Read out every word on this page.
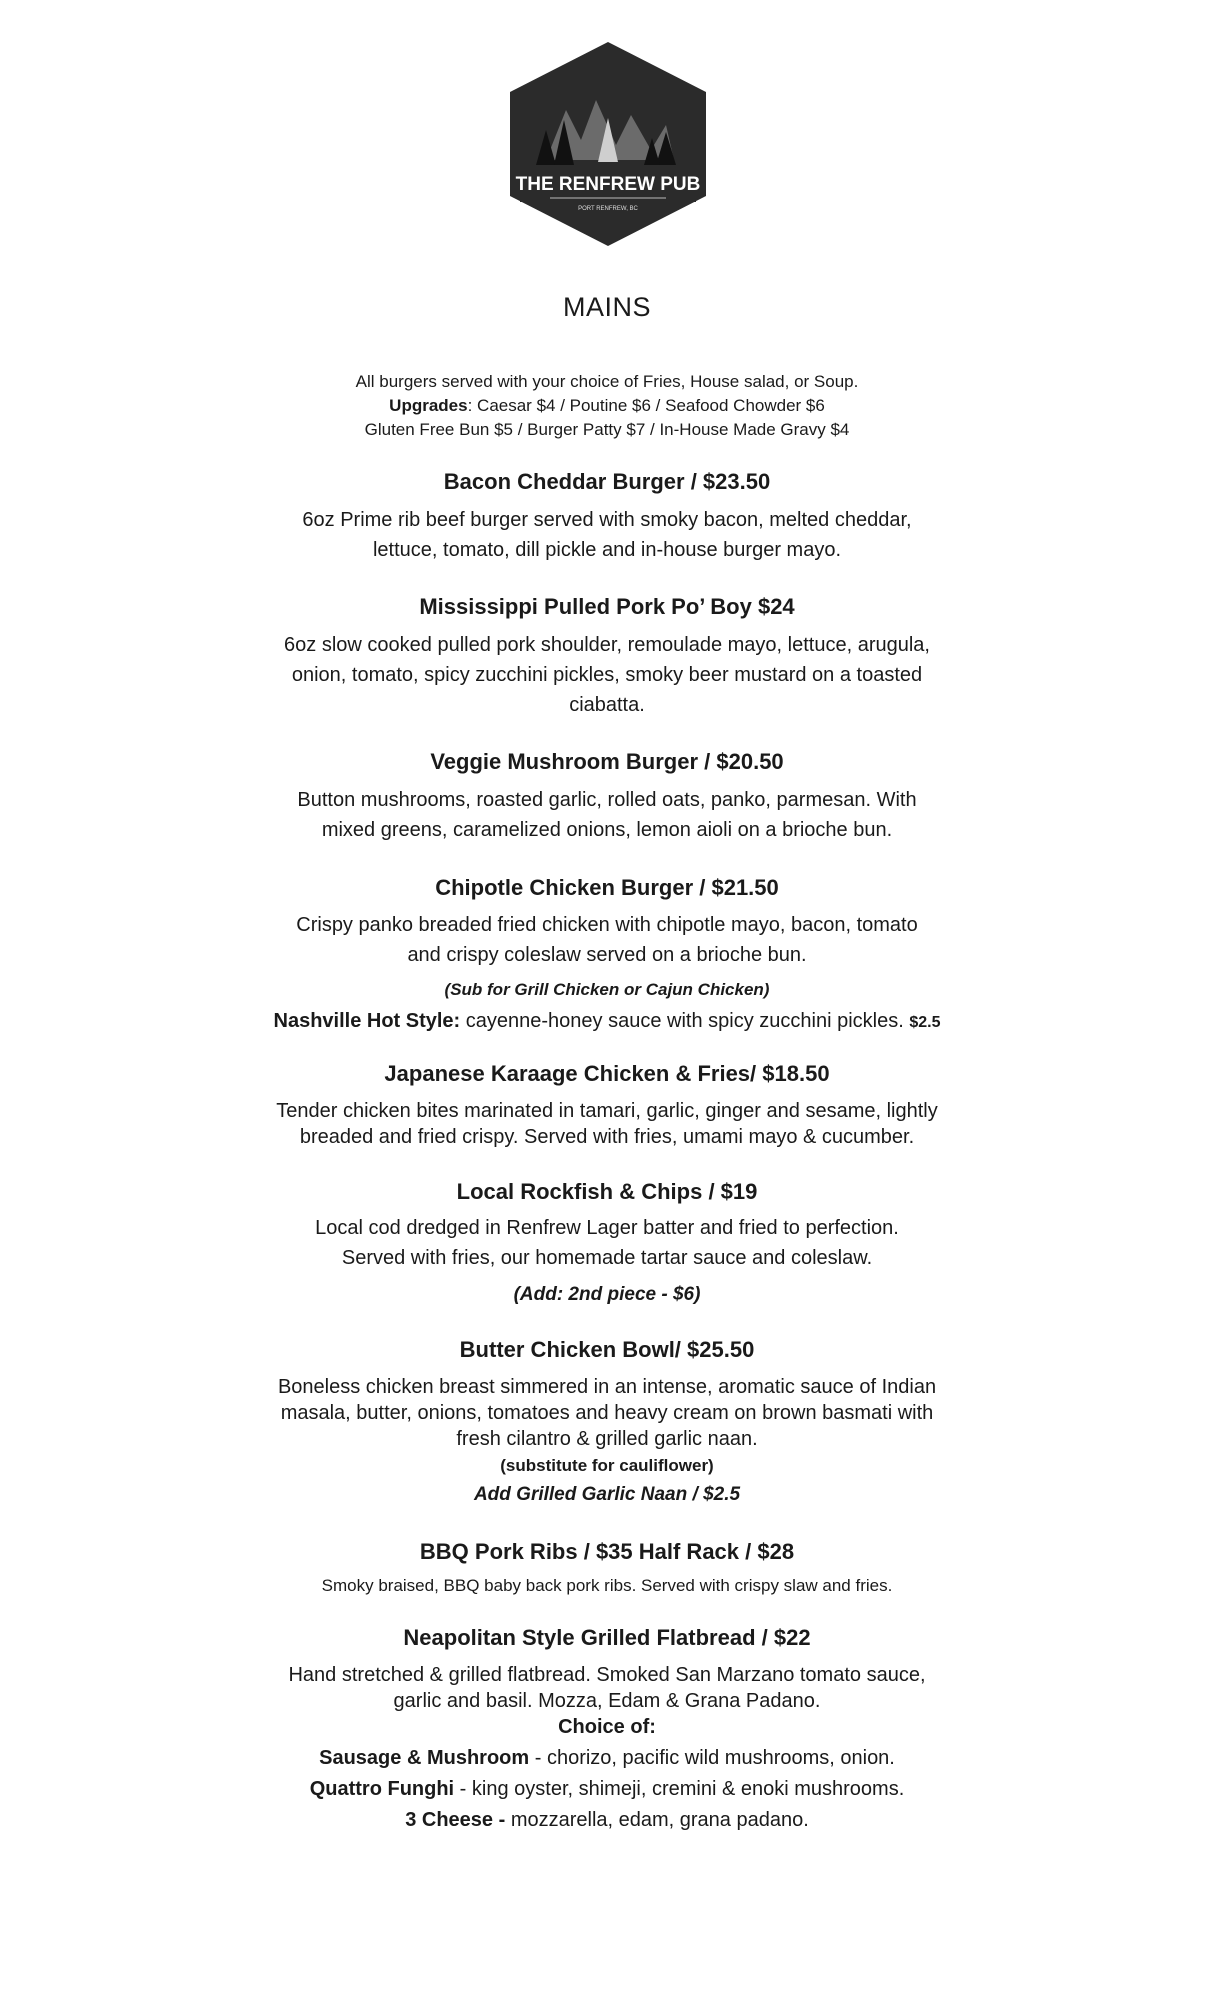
THE RENFREW PUB
PORT RENFREW, BC
MAINS
All burgers served with your choice of Fries, House salad, or Soup.
Upgrades: Caesar $4 / Poutine $6 / Seafood Chowder $6
Gluten Free Bun $5 / Burger Patty $7 / In-House Made Gravy $4
Bacon Cheddar Burger / $23.50
6oz Prime rib beef burger served with smoky bacon, melted cheddar,
lettuce, tomato, dill pickle and in-house burger mayo.
Mississippi Pulled Pork Po’ Boy $24
6oz slow cooked pulled pork shoulder, remoulade mayo, lettuce, arugula,
onion, tomato, spicy zucchini pickles, smoky beer mustard on a toasted
ciabatta.
Veggie Mushroom Burger / $20.50
Button mushrooms, roasted garlic, rolled oats, panko, parmesan. With
mixed greens, caramelized onions, lemon aioli on a brioche bun.
Chipotle Chicken Burger / $21.50
Crispy panko breaded fried chicken with chipotle mayo, bacon, tomato
and crispy coleslaw served on a brioche bun.
(Sub for Grill Chicken or Cajun Chicken)
Nashville Hot Style: cayenne-honey sauce with spicy zucchini pickles. $2.5
Japanese Karaage Chicken & Fries/ $18.50
Tender chicken bites marinated in tamari, garlic, ginger and sesame, lightly
breaded and fried crispy. Served with fries, umami mayo & cucumber.
Local Rockfish & Chips / $19
Local cod dredged in Renfrew Lager batter and fried to perfection.
Served with fries, our homemade tartar sauce and coleslaw.
(Add: 2nd piece - $6)
Butter Chicken Bowl/ $25.50
Boneless chicken breast simmered in an intense, aromatic sauce of Indian
masala, butter, onions, tomatoes and heavy cream on brown basmati with
fresh cilantro & grilled garlic naan.
(substitute for cauliflower)
Add Grilled Garlic Naan / $2.5
BBQ Pork Ribs / $35 Half Rack / $28
Smoky braised, BBQ baby back pork ribs. Served with crispy slaw and fries.
Neapolitan Style Grilled Flatbread / $22
Hand stretched & grilled flatbread. Smoked San Marzano tomato sauce,
garlic and basil. Mozza, Edam & Grana Padano.
Choice of:
Sausage & Mushroom - chorizo, pacific wild mushrooms, onion.
Quattro Funghi - king oyster, shimeji, cremini & enoki mushrooms.
3 Cheese - mozzarella, edam, grana padano.
